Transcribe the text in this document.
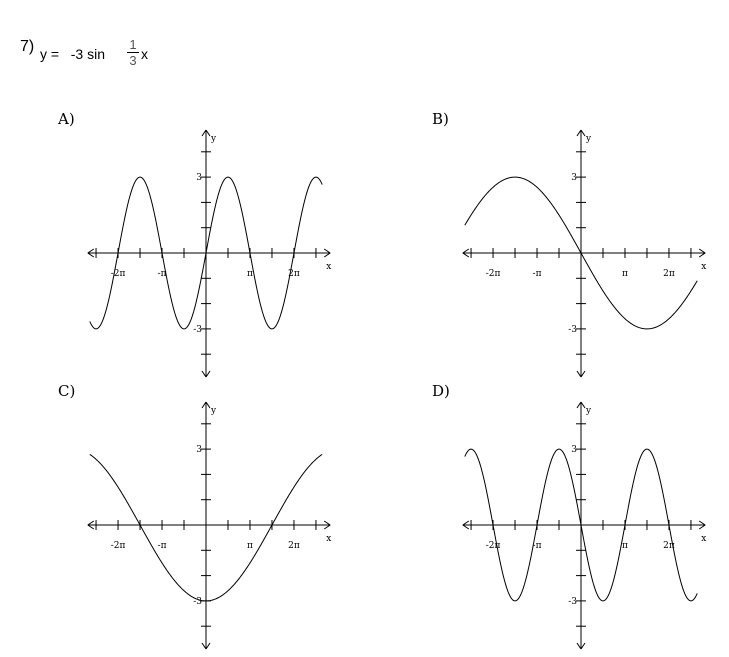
7) y = -3 sin
1
3 x
A)
y
x
-2π	-π	π	2π
3
-3
B)
y
x
-2π	-π	π	2π
3
-3
C)
y
x
-2π	-π	π	2π
3
-3
D)
y
x
-2π	-π	π	2π
3
-3
